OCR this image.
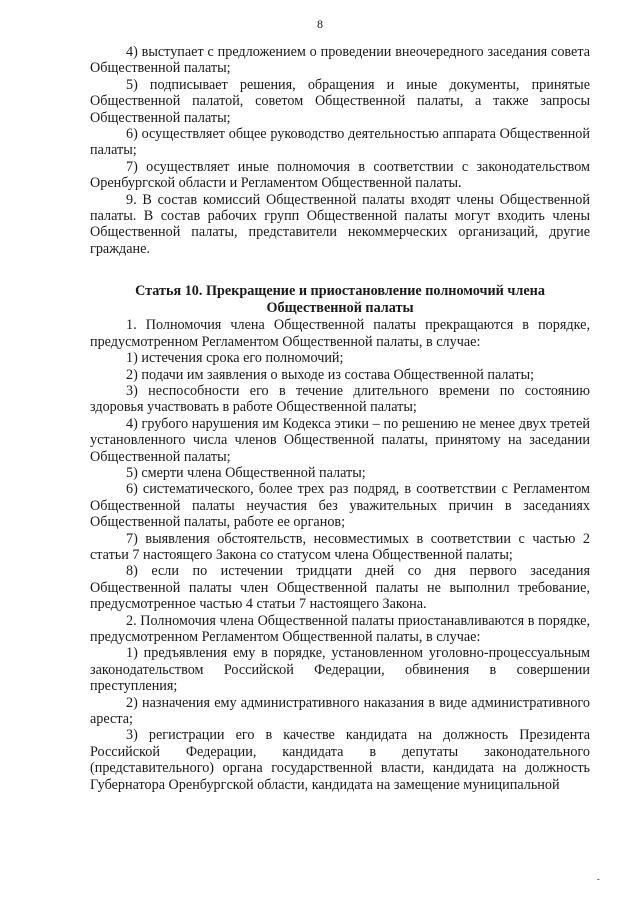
8

4) выступает с предложением о проведении внеочередного заседания совета Общественной палаты;

5) подписывает решения, обращения и иные документы, принятые Общественной палатой, советом Общественной палаты, а также запросы Общественной палаты;

6) осуществляет общее руководство деятельностью аппарата Общественной палаты;

7) осуществляет иные полномочия в соответствии с законодательством Оренбургской области и Регламентом Общественной палаты.

9. В состав комиссий Общественной палаты входят члены Общественной палаты. В состав рабочих групп Общественной палаты могут входить члены Общественной палаты, представители некоммерческих организаций, другие граждане.

Статья 10. Прекращение и приостановление полномочий члена Общественной палаты

1. Полномочия члена Общественной палаты прекращаются в порядке, предусмотренном Регламентом Общественной палаты, в случае:

1) истечения срока его полномочий;

2) подачи им заявления о выходе из состава Общественной палаты;

3) неспособности его в течение длительного времени по состоянию здоровья участвовать в работе Общественной палаты;

4) грубого нарушения им Кодекса этики – по решению не менее двух третей установленного числа членов Общественной палаты, принятому на заседании Общественной палаты;

5) смерти члена Общественной палаты;

6) систематического, более трех раз подряд, в соответствии с Регламентом Общественной палаты неучастия без уважительных причин в заседаниях Общественной палаты, работе ее органов;

7) выявления обстоятельств, несовместимых в соответствии с частью 2 статьи 7 настоящего Закона со статусом члена Общественной палаты;

8) если по истечении тридцати дней со дня первого заседания Общественной палаты член Общественной палаты не выполнил требование, предусмотренное частью 4 статьи 7 настоящего Закона.

2. Полномочия члена Общественной палаты приостанавливаются в порядке, предусмотренном Регламентом Общественной палаты, в случае:

1) предъявления ему в порядке, установленном уголовно-процессуальным законодательством Российской Федерации, обвинения в совершении преступления;

2) назначения ему административного наказания в виде административного ареста;

3) регистрации его в качестве кандидата на должность Президента Российской Федерации, кандидата в депутаты законодательного (представительного) органа государственной власти, кандидата на должность Губернатора Оренбургской области, кандидата на замещение муниципальной

-
